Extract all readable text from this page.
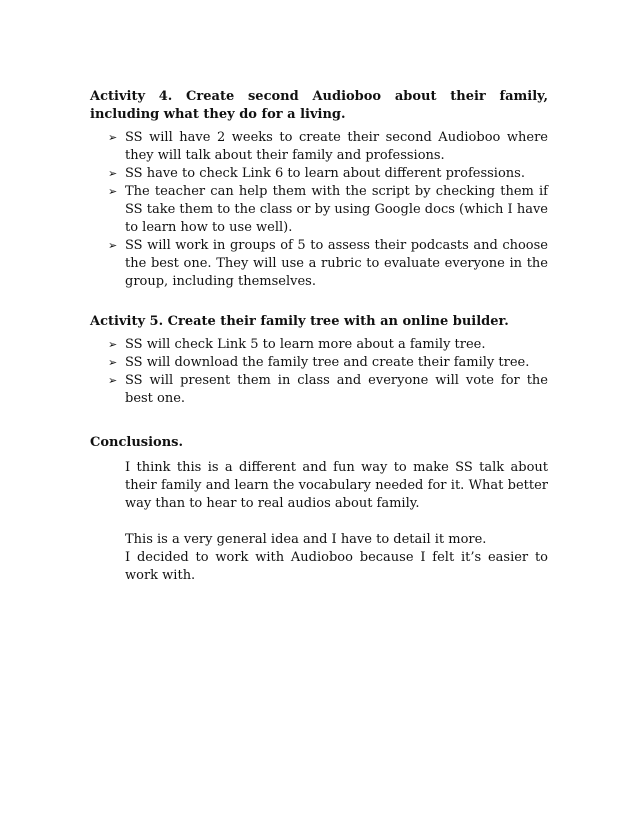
Activity 4. Create second Audioboo about their family, including what they do for a living.

➢ SS will have 2 weeks to create their second Audioboo where they will talk about their family and professions.
➢ SS have to check Link 6 to learn about different professions.
➢ The teacher can help them with the script by checking them if SS take them to the class or by using Google docs (which I have to learn how to use well).
➢ SS will work in groups of 5 to assess their podcasts and choose the best one. They will use a rubric to evaluate everyone in the group, including themselves.

Activity 5. Create their family tree with an online builder.

➢ SS will check Link 5 to learn more about a family tree.
➢ SS will download the family tree and create their family tree.
➢ SS will present them in class and everyone will vote for the best one.

Conclusions.

I think this is a different and fun way to make SS talk about their family and learn the vocabulary needed for it. What better way than to hear to real audios about family.

This is a very general idea and I have to detail it more.

I decided to work with Audioboo because I felt it’s easier to work with.
